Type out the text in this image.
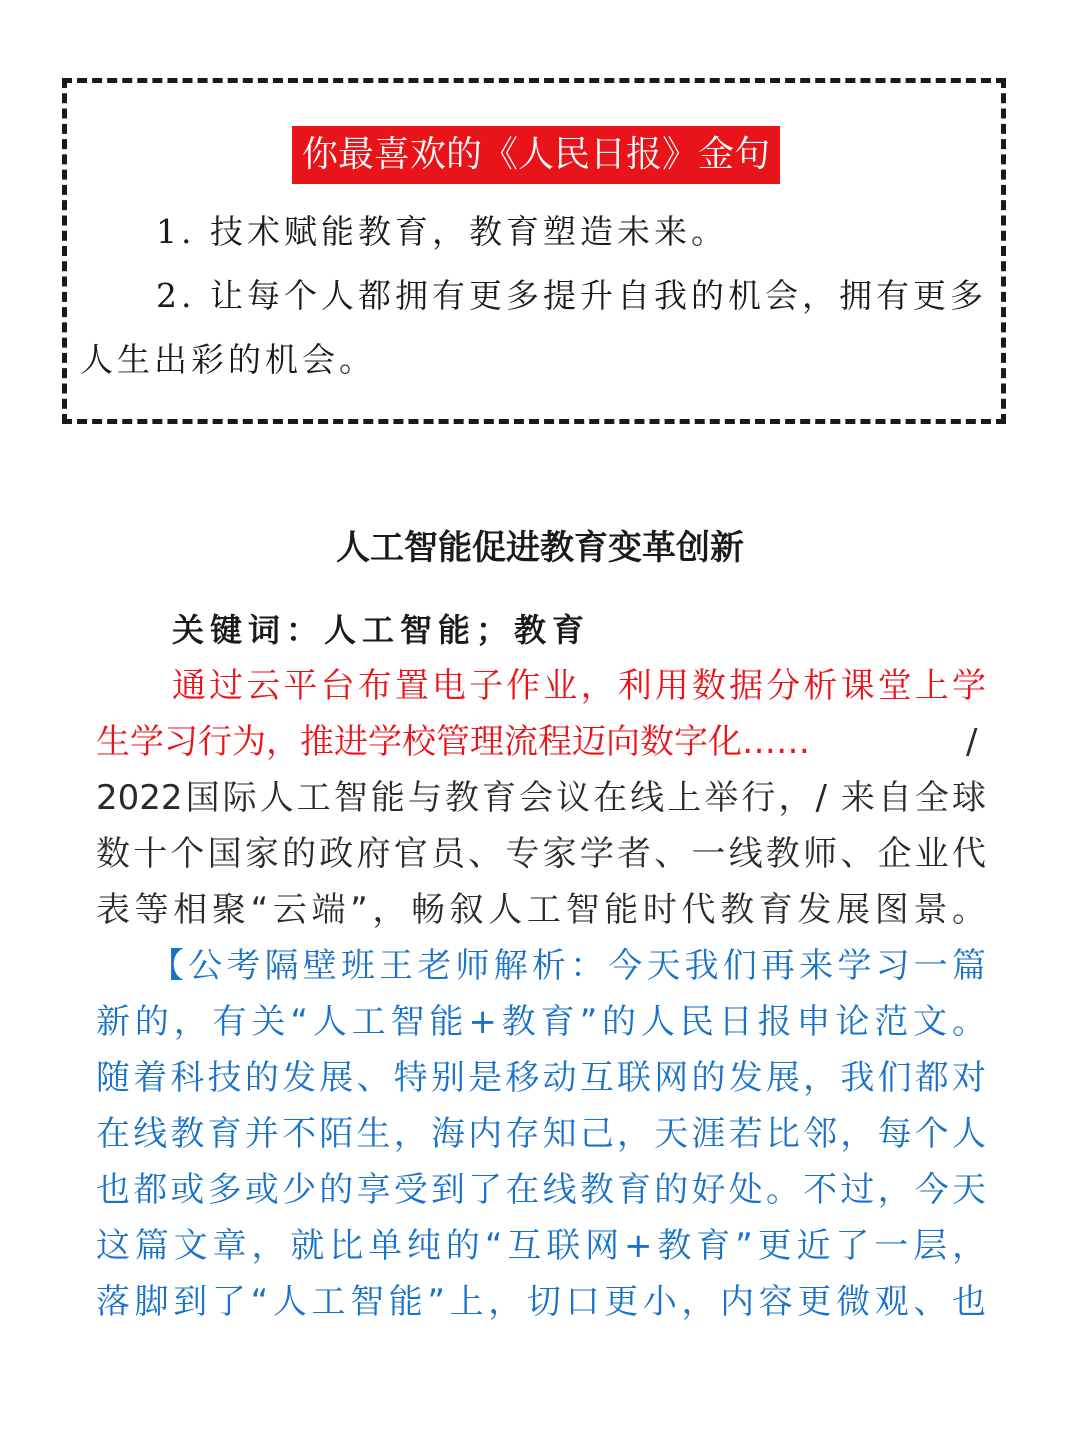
你最喜欢的《人民日报》金句
1. 技术赋能教育，教育塑造未来。
2. 让每个人都拥有更多提升自我的机会，拥有更多
人生出彩的机会。
人工智能促进教育变革创新
关键词：人工智能；教育
通过云平台布置电子作业，利用数据分析课堂上学
生学习行为，推进学校管理流程迈向数字化……	/
2022国际人工智能与教育会议在线上举行，/ 来自全球
数十个国家的政府官员、专家学者、一线教师、企业代
表等相聚“云端”，畅叙人工智能时代教育发展图景。
【公考隔壁班王老师解析：今天我们再来学习一篇
新的，有关“人工智能+教育”的人民日报申论范文。
随着科技的发展、特别是移动互联网的发展，我们都对
在线教育并不陌生，海内存知己，天涯若比邻，每个人
也都或多或少的享受到了在线教育的好处。不过，今天
这篇文章，就比单纯的“互联网+教育”更近了一层，
落脚到了“人工智能”上，切口更小，内容更微观、也
